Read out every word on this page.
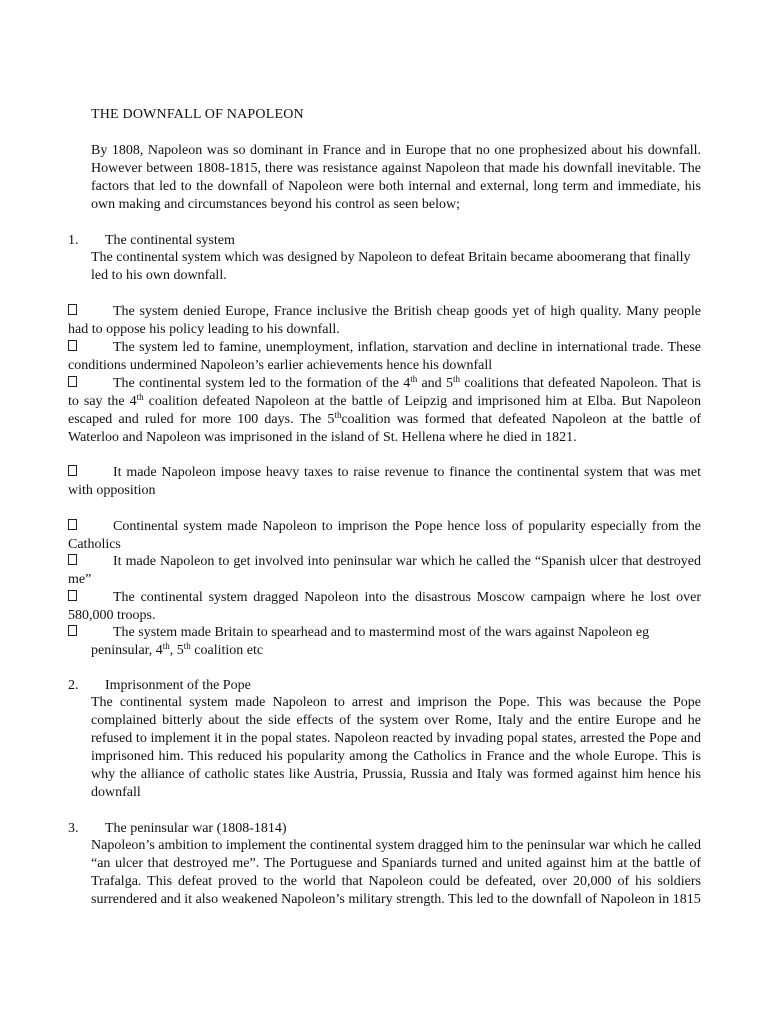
THE DOWNFALL OF NAPOLEON
By 1808, Napoleon was so dominant in France and in Europe that no one prophesized about his downfall. However between 1808-1815, there was resistance against Napoleon that made his downfall inevitable. The factors that led to the downfall of Napoleon were both internal and external, long term and immediate, his own making and circumstances beyond his control as seen below;
1. The continental system
The continental system which was designed by Napoleon to defeat Britain became aboomerang that finally led to his own downfall.
The system denied Europe, France inclusive the British cheap goods yet of high quality. Many people had to oppose his policy leading to his downfall.
The system led to famine, unemployment, inflation, starvation and decline in international trade. These conditions undermined Napoleon’s earlier achievements hence his downfall
The continental system led to the formation of the 4th and 5th coalitions that defeated Napoleon. That is to say the 4th coalition defeated Napoleon at the battle of Leipzig and imprisoned him at Elba. But Napoleon escaped and ruled for more 100 days. The 5thcoalition was formed that defeated Napoleon at the battle of Waterloo and Napoleon was imprisoned in the island of St. Hellena where he died in 1821.
It made Napoleon impose heavy taxes to raise revenue to finance the continental system that was met with opposition
Continental system made Napoleon to imprison the Pope hence loss of popularity especially from the Catholics
It made Napoleon to get involved into peninsular war which he called the “Spanish ulcer that destroyed me”
The continental system dragged Napoleon into the disastrous Moscow campaign where he lost over 580,000 troops.
The system made Britain to spearhead and to mastermind most of the wars against Napoleon eg
peninsular, 4th, 5th coalition etc
2. Imprisonment of the Pope
The continental system made Napoleon to arrest and imprison the Pope. This was because the Pope complained bitterly about the side effects of the system over Rome, Italy and the entire Europe and he refused to implement it in the popal states. Napoleon reacted by invading popal states, arrested the Pope and imprisoned him. This reduced his popularity among the Catholics in France and the whole Europe. This is why the alliance of catholic states like Austria, Prussia, Russia and Italy was formed against him hence his downfall
3. The peninsular war (1808-1814)
Napoleon’s ambition to implement the continental system dragged him to the peninsular war which he called “an ulcer that destroyed me”. The Portuguese and Spaniards turned and united against him at the battle of Trafalga. This defeat proved to the world that Napoleon could be defeated, over 20,000 of his soldiers surrendered and it also weakened Napoleon’s military strength. This led to the downfall of Napoleon in 1815
